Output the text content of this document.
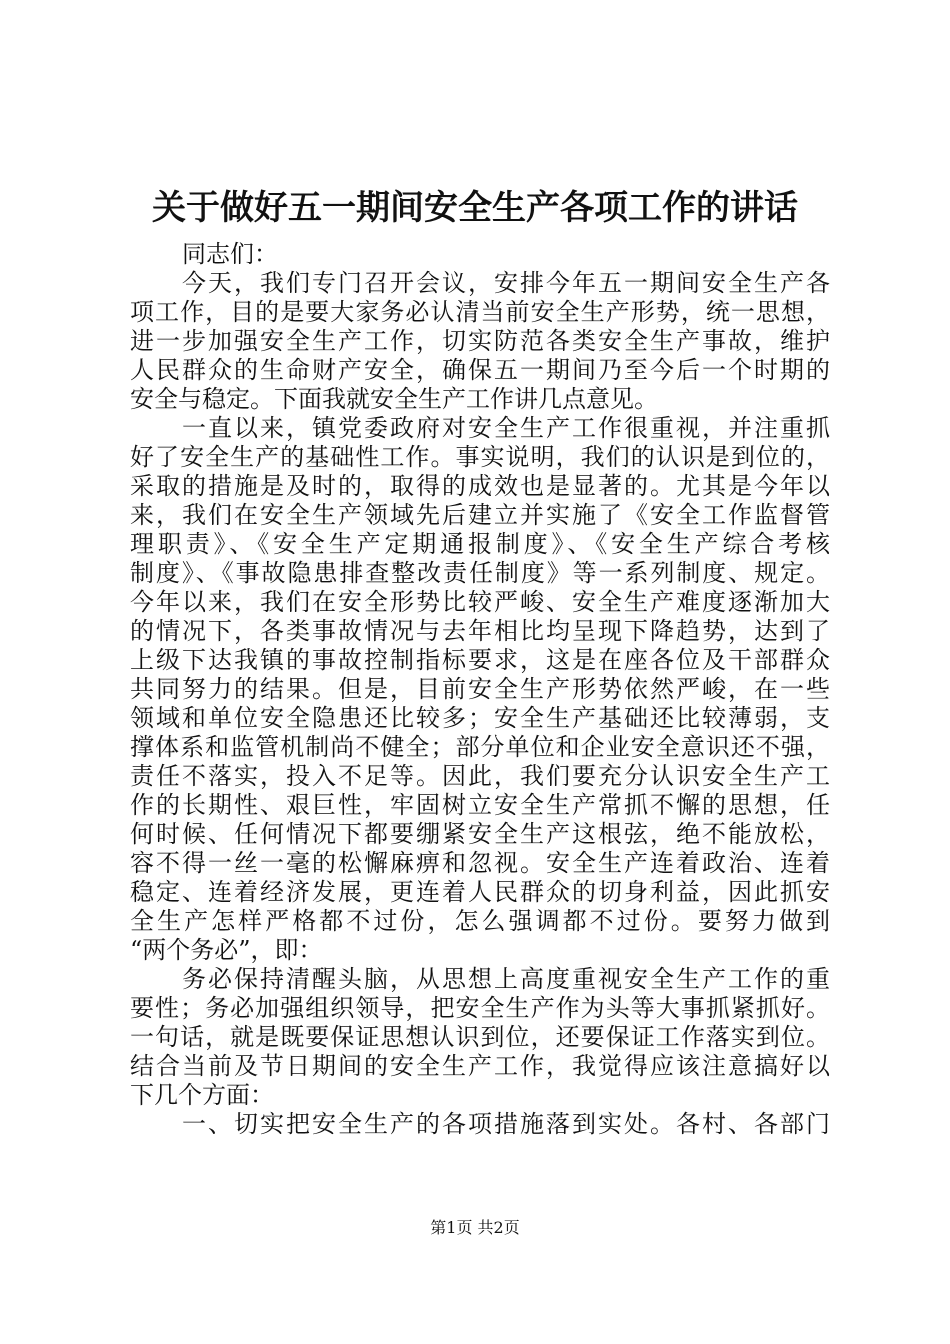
关于做好五一期间安全生产各项工作的讲话
同志们：
今天，我们专门召开会议，安排今年五一期间安全生产各
项工作，目的是要大家务必认清当前安全生产形势，统一思想，
进一步加强安全生产工作，切实防范各类安全生产事故，维护
人民群众的生命财产安全，确保五一期间乃至今后一个时期的
安全与稳定。下面我就安全生产工作讲几点意见。
一直以来，镇党委政府对安全生产工作很重视，并注重抓
好了安全生产的基础性工作。事实说明，我们的认识是到位的，
采取的措施是及时的，取得的成效也是显著的。尤其是今年以
来，我们在安全生产领域先后建立并实施了《安全工作监督管
理职责》、《安全生产定期通报制度》、《安全生产综合考核
制度》、《事故隐患排查整改责任制度》等一系列制度、规定。
今年以来，我们在安全形势比较严峻、安全生产难度逐渐加大
的情况下，各类事故情况与去年相比均呈现下降趋势，达到了
上级下达我镇的事故控制指标要求，这是在座各位及干部群众
共同努力的结果。但是，目前安全生产形势依然严峻，在一些
领域和单位安全隐患还比较多；安全生产基础还比较薄弱，支
撑体系和监管机制尚不健全；部分单位和企业安全意识还不强，
责任不落实，投入不足等。因此，我们要充分认识安全生产工
作的长期性、艰巨性，牢固树立安全生产常抓不懈的思想，任
何时候、任何情况下都要绷紧安全生产这根弦，绝不能放松，
容不得一丝一毫的松懈麻痹和忽视。安全生产连着政治、连着
稳定、连着经济发展，更连着人民群众的切身利益，因此抓安
全生产怎样严格都不过份，怎么强调都不过份。要努力做到
“两个务必”，即：
务必保持清醒头脑，从思想上高度重视安全生产工作的重
要性；务必加强组织领导，把安全生产作为头等大事抓紧抓好。
一句话，就是既要保证思想认识到位，还要保证工作落实到位。
结合当前及节日期间的安全生产工作，我觉得应该注意搞好以
下几个方面：
一、切实把安全生产的各项措施落到实处。各村、各部门
第1页 共2页
